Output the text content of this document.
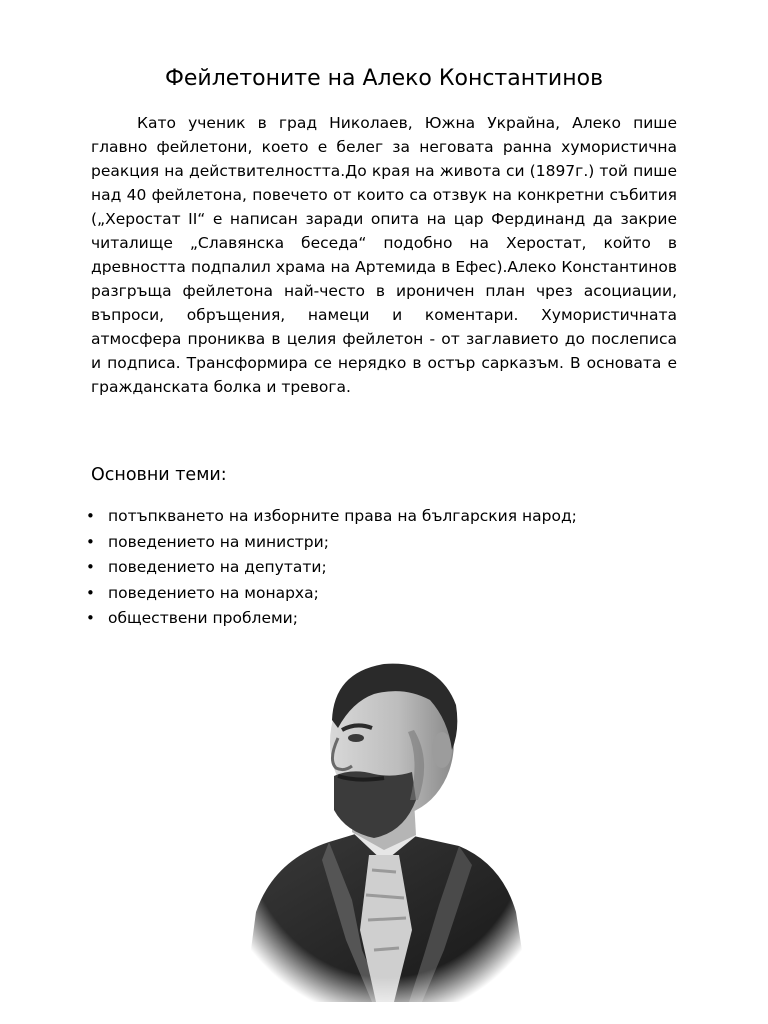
Фейлетоните на Алеко Константинов

Като ученик в град Николаев, Южна Украйна, Алеко пише главно фейлетони, което е белег за неговата ранна хумористична реакция на действителността.До края на живота си (1897г.) той пише над 40 фейлетона, повечето от които са отзвук на конкретни събития („Херостат II“ е написан заради опита на цар Фердинанд да закрие читалище „Славянска беседа“ подобно на Херостат, който в древността подпалил храма на Артемида в Ефес).Алеко Константинов разгръща фейлетона най-често в ироничен план чрез асоциации, въпроси, обръщения, намеци и коментари. Хумористичната атмосфера прониква в целия фейлетон - от заглавието до послеписа и подписа. Трансформира се нерядко в остър сарказъм. В основата е гражданската болка и тревога.

Основни теми:
• потъпкването на изборните права на българския народ;
• поведението на министри;
• поведението на депутати;
• поведението на монарха;
• обществени проблеми;
